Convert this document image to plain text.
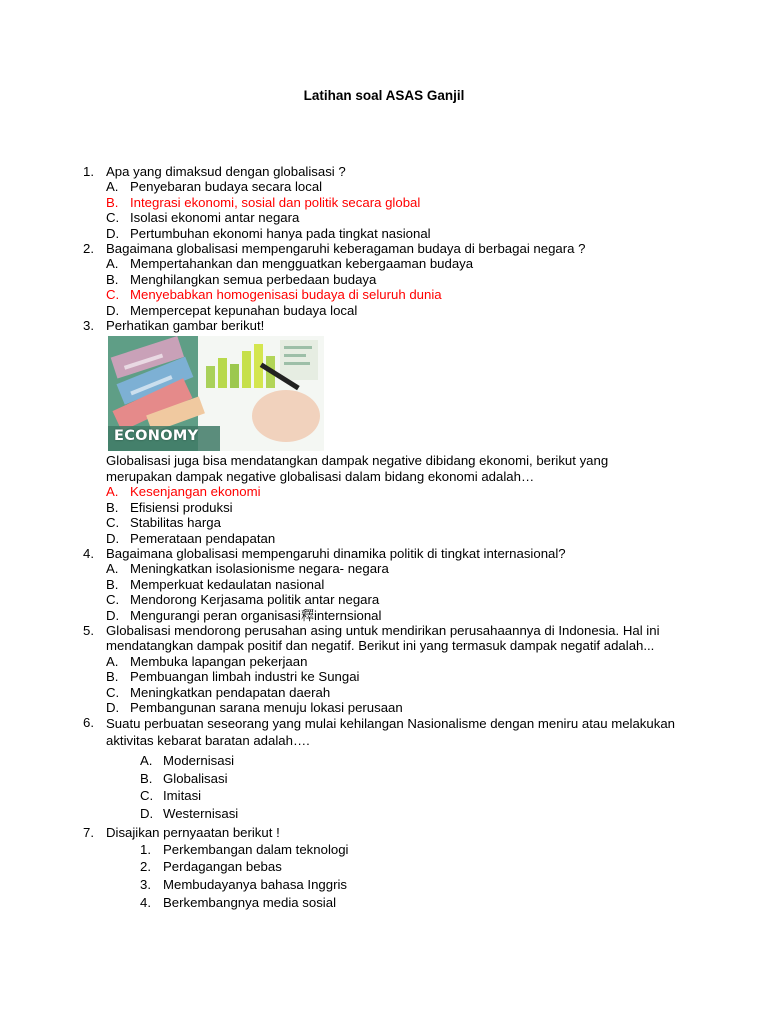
Latihan soal ASAS Ganjil
1. Apa yang dimaksud dengan globalisasi ?
A. Penyebaran budaya secara local
B. Integrasi ekonomi, sosial dan politik secara global
C. Isolasi ekonomi antar negara
D. Pertumbuhan ekonomi hanya pada tingkat nasional
2. Bagaimana globalisasi mempengaruhi keberagaman budaya di berbagai negara ?
A. Mempertahankan dan mengguatkan kebergaaman budaya
B. Menghilangkan semua perbedaan budaya
C. Menyebabkan homogenisasi budaya di seluruh dunia
D. Mempercepat kepunahan budaya local
3. Perhatikan gambar berikut!
ECONOMY
Globalisasi juga bisa mendatangkan dampak negative dibidang ekonomi, berikut yang merupakan dampak negative globalisasi dalam bidang ekonomi adalah…
A. Kesenjangan ekonomi
B. Efisiensi produksi
C. Stabilitas harga
D. Pemerataan pendapatan
4. Bagaimana globalisasi mempengaruhi dinamika politik di tingkat internasional?
A. Meningkatkan isolasionisme negara- negara
B. Memperkuat kedaulatan nasional
C. Mendorong Kerjasama politik antar negara
D. Mengurangi peran organisasi釋internsional
5. Globalisasi mendorong perusahan asing untuk mendirikan perusahaannya di Indonesia. Hal ini mendatangkan dampak positif dan negatif. Berikut ini yang termasuk dampak negatif adalah...
A. Membuka lapangan pekerjaan
B. Pembuangan limbah industri ke Sungai
C. Meningkatkan pendapatan daerah
D. Pembangunan sarana menuju lokasi perusaan
6. Suatu perbuatan seseorang yang mulai kehilangan Nasionalisme dengan meniru atau melakukan aktivitas kebarat baratan adalah….
A. Modernisasi
B. Globalisasi
C. Imitasi
D. Westernisasi
7. Disajikan pernyaatan berikut !
1. Perkembangan dalam teknologi
2. Perdagangan bebas
3. Membudayanya bahasa Inggris
4. Berkembangnya media sosial
